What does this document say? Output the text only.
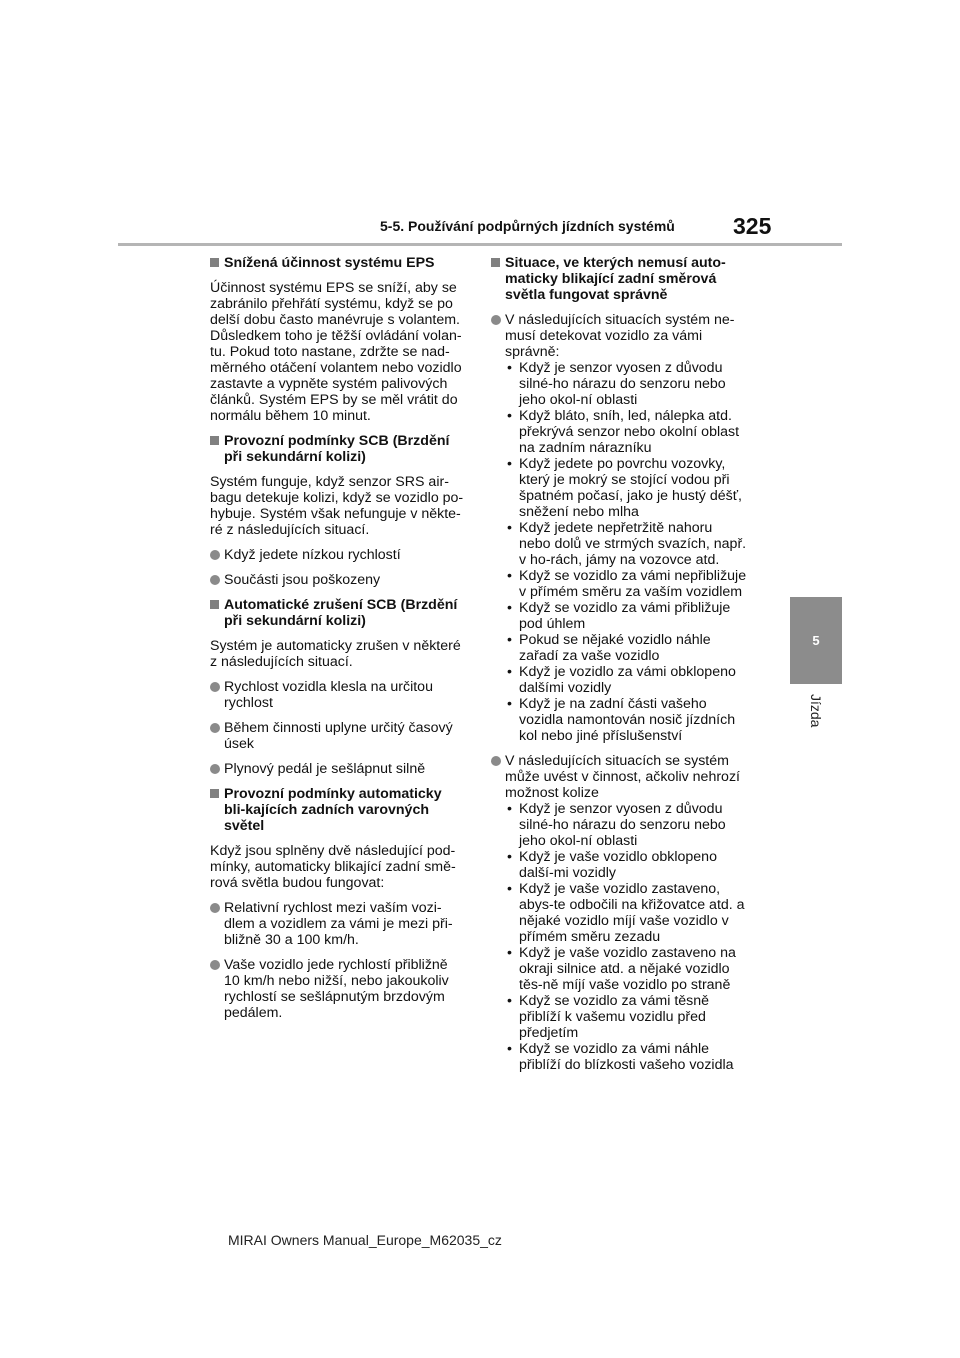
5-5. Používání podpůrných jízdních systémů	325
5
Jízda
Snížená účinnost systému EPS
Účinnost systému EPS se sníží, aby se zabránilo přehřátí systému, když se po delší dobu často manévruje s volantem. Důsledkem toho je těžší ovládání volan-tu. Pokud toto nastane, zdržte se nad-měrného otáčení volantem nebo vozidlo zastavte a vypněte systém palivových článků. Systém EPS by se měl vrátit do normálu během 10 minut.
Provozní podmínky SCB (Brzdění při sekundární kolizi)
Systém funguje, když senzor SRS air-bagu detekuje kolizi, když se vozidlo po-hybuje. Systém však nefunguje v někte-ré z následujících situací.
Když jedete nízkou rychlostí
Součásti jsou poškozeny
Automatické zrušení SCB (Brzdění při sekundární kolizi)
Systém je automaticky zrušen v některé z následujících situací.
Rychlost vozidla klesla na určitou rychlost
Během činnosti uplyne určitý časový úsek
Plynový pedál je sešlápnut silně
Provozní podmínky automaticky bli-kajících zadních varovných světel
Když jsou splněny dvě následující pod-mínky, automaticky blikající zadní smě-rová světla budou fungovat:
Relativní rychlost mezi vaším vozi-dlem a vozidlem za vámi je mezi při-bližně 30 a 100 km/h.
Vaše vozidlo jede rychlostí přibližně 10 km/h nebo nižší, nebo jakoukoliv rychlostí se sešlápnutým brzdovým pedálem.
Situace, ve kterých nemusí auto-maticky blikající zadní směrová světla fungovat správně
V následujících situacích systém ne-musí detekovat vozidlo za vámi správně:
• Když je senzor vyosen z důvodu silné-ho nárazu do senzoru nebo jeho okol-ní oblasti
• Když bláto, sníh, led, nálepka atd. překrývá senzor nebo okolní oblast na zadním nárazníku
• Když jedete po povrchu vozovky, který je mokrý se stojící vodou při špatném počasí, jako je hustý déšť, sněžení nebo mlha
• Když jedete nepřetržitě nahoru nebo dolů ve strmých svazích, např. v ho-rách, jámy na vozovce atd.
• Když se vozidlo za vámi nepřibližuje v přímém směru za vaším vozidlem
• Když se vozidlo za vámi přibližuje pod úhlem
• Pokud se nějaké vozidlo náhle zařadí za vaše vozidlo
• Když je vozidlo za vámi obklopeno dalšími vozidly
• Když je na zadní části vašeho vozidla namontován nosič jízdních kol nebo jiné příslušenství
V následujících situacích se systém může uvést v činnost, ačkoliv nehrozí možnost kolize
• Když je senzor vyosen z důvodu silné-ho nárazu do senzoru nebo jeho okol-ní oblasti
• Když je vaše vozidlo obklopeno další-mi vozidly
• Když je vaše vozidlo zastaveno, abys-te odbočili na křižovatce atd. a nějaké vozidlo míjí vaše vozidlo v přímém směru zezadu
• Když je vaše vozidlo zastaveno na okraji silnice atd. a nějaké vozidlo těs-ně míjí vaše vozidlo po straně
• Když se vozidlo za vámi těsně přiblíží k vašemu vozidlu před předjetím
• Když se vozidlo za vámi náhle přiblíží do blízkosti vašeho vozidla
MIRAI Owners Manual_Europe_M62035_cz
